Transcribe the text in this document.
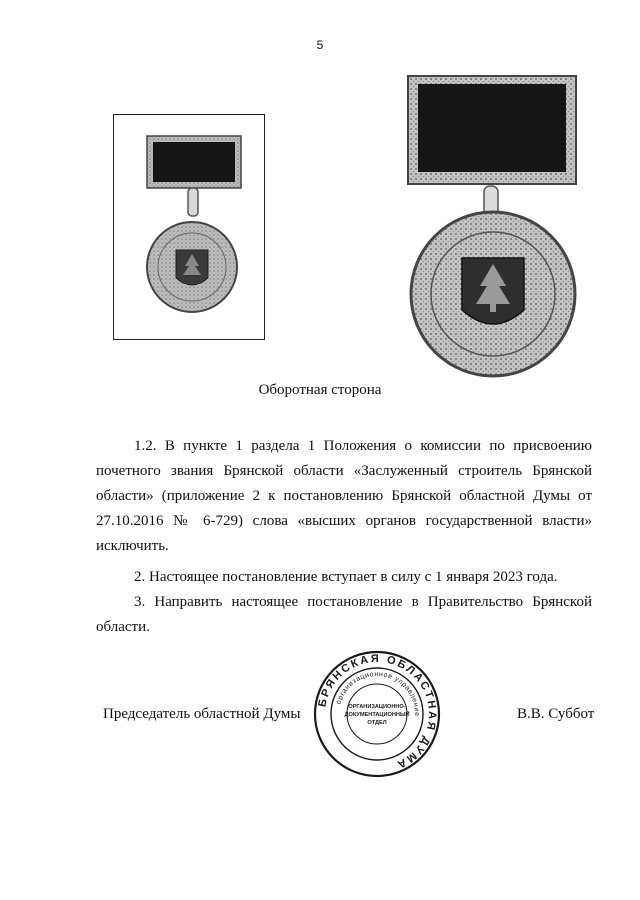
5
Оборотная сторона

1.2. В пункте 1 раздела 1 Положения о комиссии по присвоению почетного звания Брянской области «Заслуженный строитель Брянской области» (приложение 2 к постановлению Брянской областной Думы от 27.10.2016 № 6-729) слова «высших органов государственной власти» исключить.

2. Настоящее постановление вступает в силу с 1 января 2023 года.

3. Направить настоящее постановление в Правительство Брянской области.

Председатель областной Думы	В.В. Суббот
БРЯНСКАЯ ОБЛАСТНАЯ ДУМА
организационное управление
ОРГАНИЗАЦИОННО-
ДОКУМЕНТАЦИОННЫЙ
ОТДЕЛ
